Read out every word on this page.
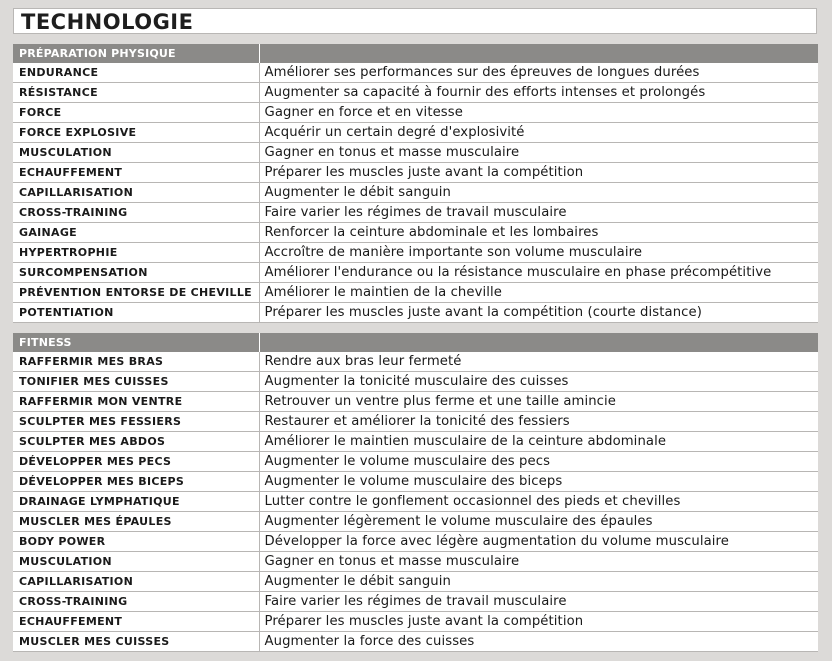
TECHNOLOGIE
PRÉPARATION PHYSIQUE	
ENDURANCE	Améliorer ses performances sur des épreuves de longues durées
RÉSISTANCE	Augmenter sa capacité à fournir des efforts intenses et prolongés
FORCE	Gagner en force et en vitesse
FORCE EXPLOSIVE	Acquérir un certain degré d'explosivité
MUSCULATION	Gagner en tonus et masse musculaire
ECHAUFFEMENT	Préparer les muscles juste avant la compétition
CAPILLARISATION	Augmenter le débit sanguin
CROSS-TRAINING	Faire varier les régimes de travail musculaire
GAINAGE	Renforcer la ceinture abdominale et les lombaires
HYPERTROPHIE	Accroître de manière importante son volume musculaire
SURCOMPENSATION	Améliorer l'endurance ou la résistance musculaire en phase précompétitive
PRÉVENTION ENTORSE DE CHEVILLE	Améliorer le maintien de la cheville
POTENTIATION	Préparer les muscles juste avant la compétition (courte distance)
FITNESS	
RAFFERMIR MES BRAS	Rendre aux bras leur fermeté
TONIFIER MES CUISSES	Augmenter la tonicité musculaire des cuisses
RAFFERMIR MON VENTRE	Retrouver un ventre plus ferme et une taille amincie
SCULPTER MES FESSIERS	Restaurer et améliorer la tonicité des fessiers
SCULPTER MES ABDOS	Améliorer le maintien musculaire de la ceinture abdominale
DÉVELOPPER MES PECS	Augmenter le volume musculaire des pecs
DÉVELOPPER MES BICEPS	Augmenter le volume musculaire des biceps
DRAINAGE LYMPHATIQUE	Lutter contre le gonflement occasionnel des pieds et chevilles
MUSCLER MES ÉPAULES	Augmenter légèrement le volume musculaire des épaules
BODY POWER	Développer la force avec légère augmentation du volume musculaire
MUSCULATION	Gagner en tonus et masse musculaire
CAPILLARISATION	Augmenter le débit sanguin
CROSS-TRAINING	Faire varier les régimes de travail musculaire
ECHAUFFEMENT	Préparer les muscles juste avant la compétition
MUSCLER MES CUISSES	Augmenter la force des cuisses
